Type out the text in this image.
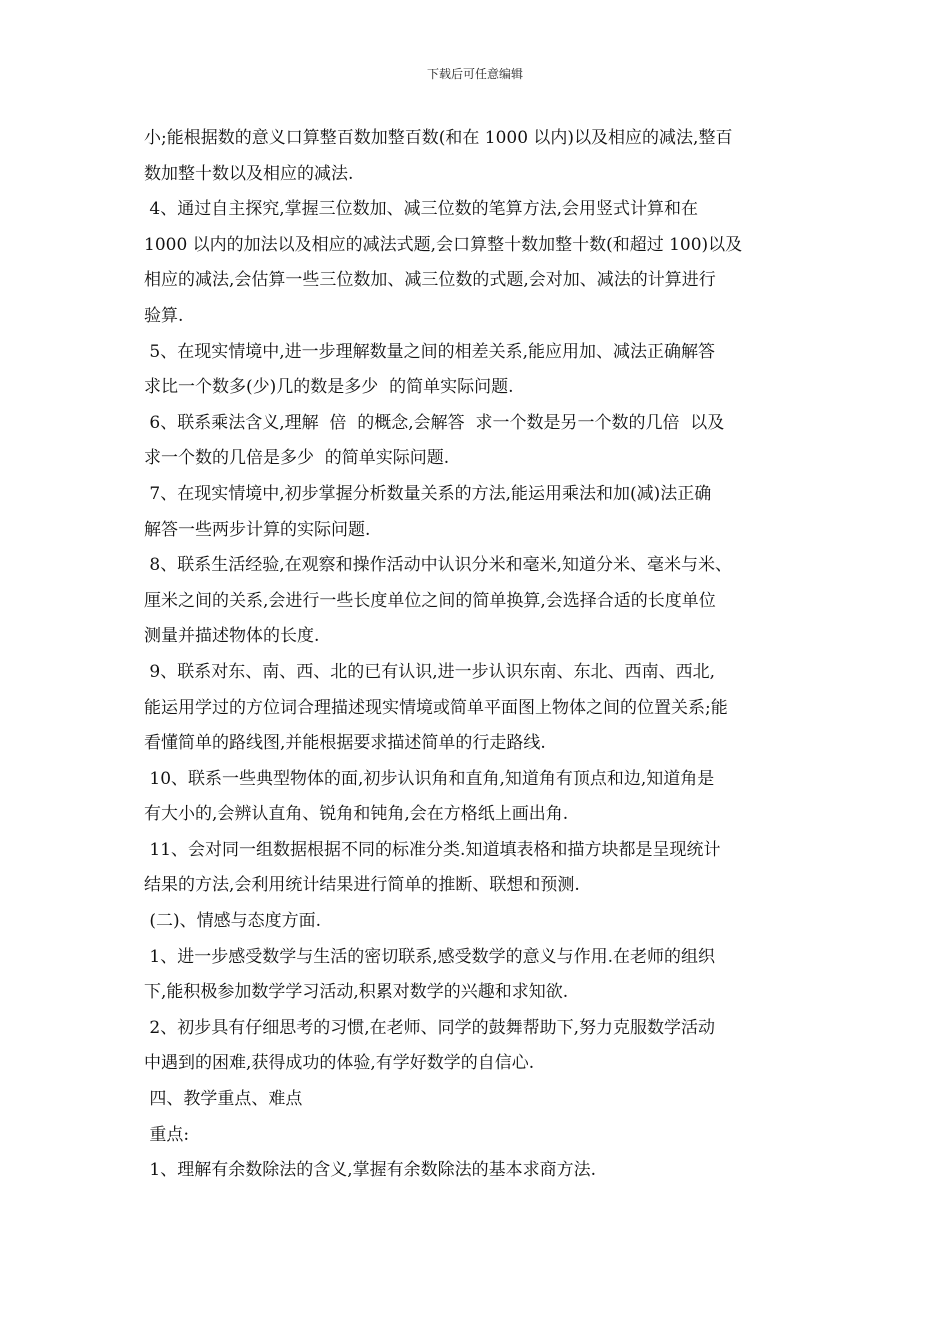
下载后可任意编辑
小;能根据数的意义口算整百数加整百数(和在 1000 以内)以及相应的减法,整百
数加整十数以及相应的减法.
4、通过自主探究,掌握三位数加、减三位数的笔算方法,会用竖式计算和在
1000 以内的加法以及相应的减法式题,会口算整十数加整十数(和超过 100)以及
相应的减法,会估算一些三位数加、减三位数的式题,会对加、减法的计算进行
验算.
5、在现实情境中,进一步理解数量之间的相差关系,能应用加、减法正确解答
求比一个数多(少)几的数是多少  的简单实际问题.
6、联系乘法含义,理解  倍  的概念,会解答  求一个数是另一个数的几倍  以及
求一个数的几倍是多少  的简单实际问题.
7、在现实情境中,初步掌握分析数量关系的方法,能运用乘法和加(减)法正确
解答一些两步计算的实际问题.
8、联系生活经验,在观察和操作活动中认识分米和毫米,知道分米、毫米与米、
厘米之间的关系,会进行一些长度单位之间的简单换算,会选择合适的长度单位
测量并描述物体的长度.
9、联系对东、南、西、北的已有认识,进一步认识东南、东北、西南、西北,
能运用学过的方位词合理描述现实情境或简单平面图上物体之间的位置关系;能
看懂简单的路线图,并能根据要求描述简单的行走路线.
10、联系一些典型物体的面,初步认识角和直角,知道角有顶点和边,知道角是
有大小的,会辨认直角、锐角和钝角,会在方格纸上画出角.
11、会对同一组数据根据不同的标准分类.知道填表格和描方块都是呈现统计
结果的方法,会利用统计结果进行简单的推断、联想和预测.
(二)、情感与态度方面.
1、进一步感受数学与生活的密切联系,感受数学的意义与作用.在老师的组织
下,能积极参加数学学习活动,积累对数学的兴趣和求知欲.
2、初步具有仔细思考的习惯,在老师、同学的鼓舞帮助下,努力克服数学活动
中遇到的困难,获得成功的体验,有学好数学的自信心.
四、教学重点、难点
重点:
1、理解有余数除法的含义,掌握有余数除法的基本求商方法.
